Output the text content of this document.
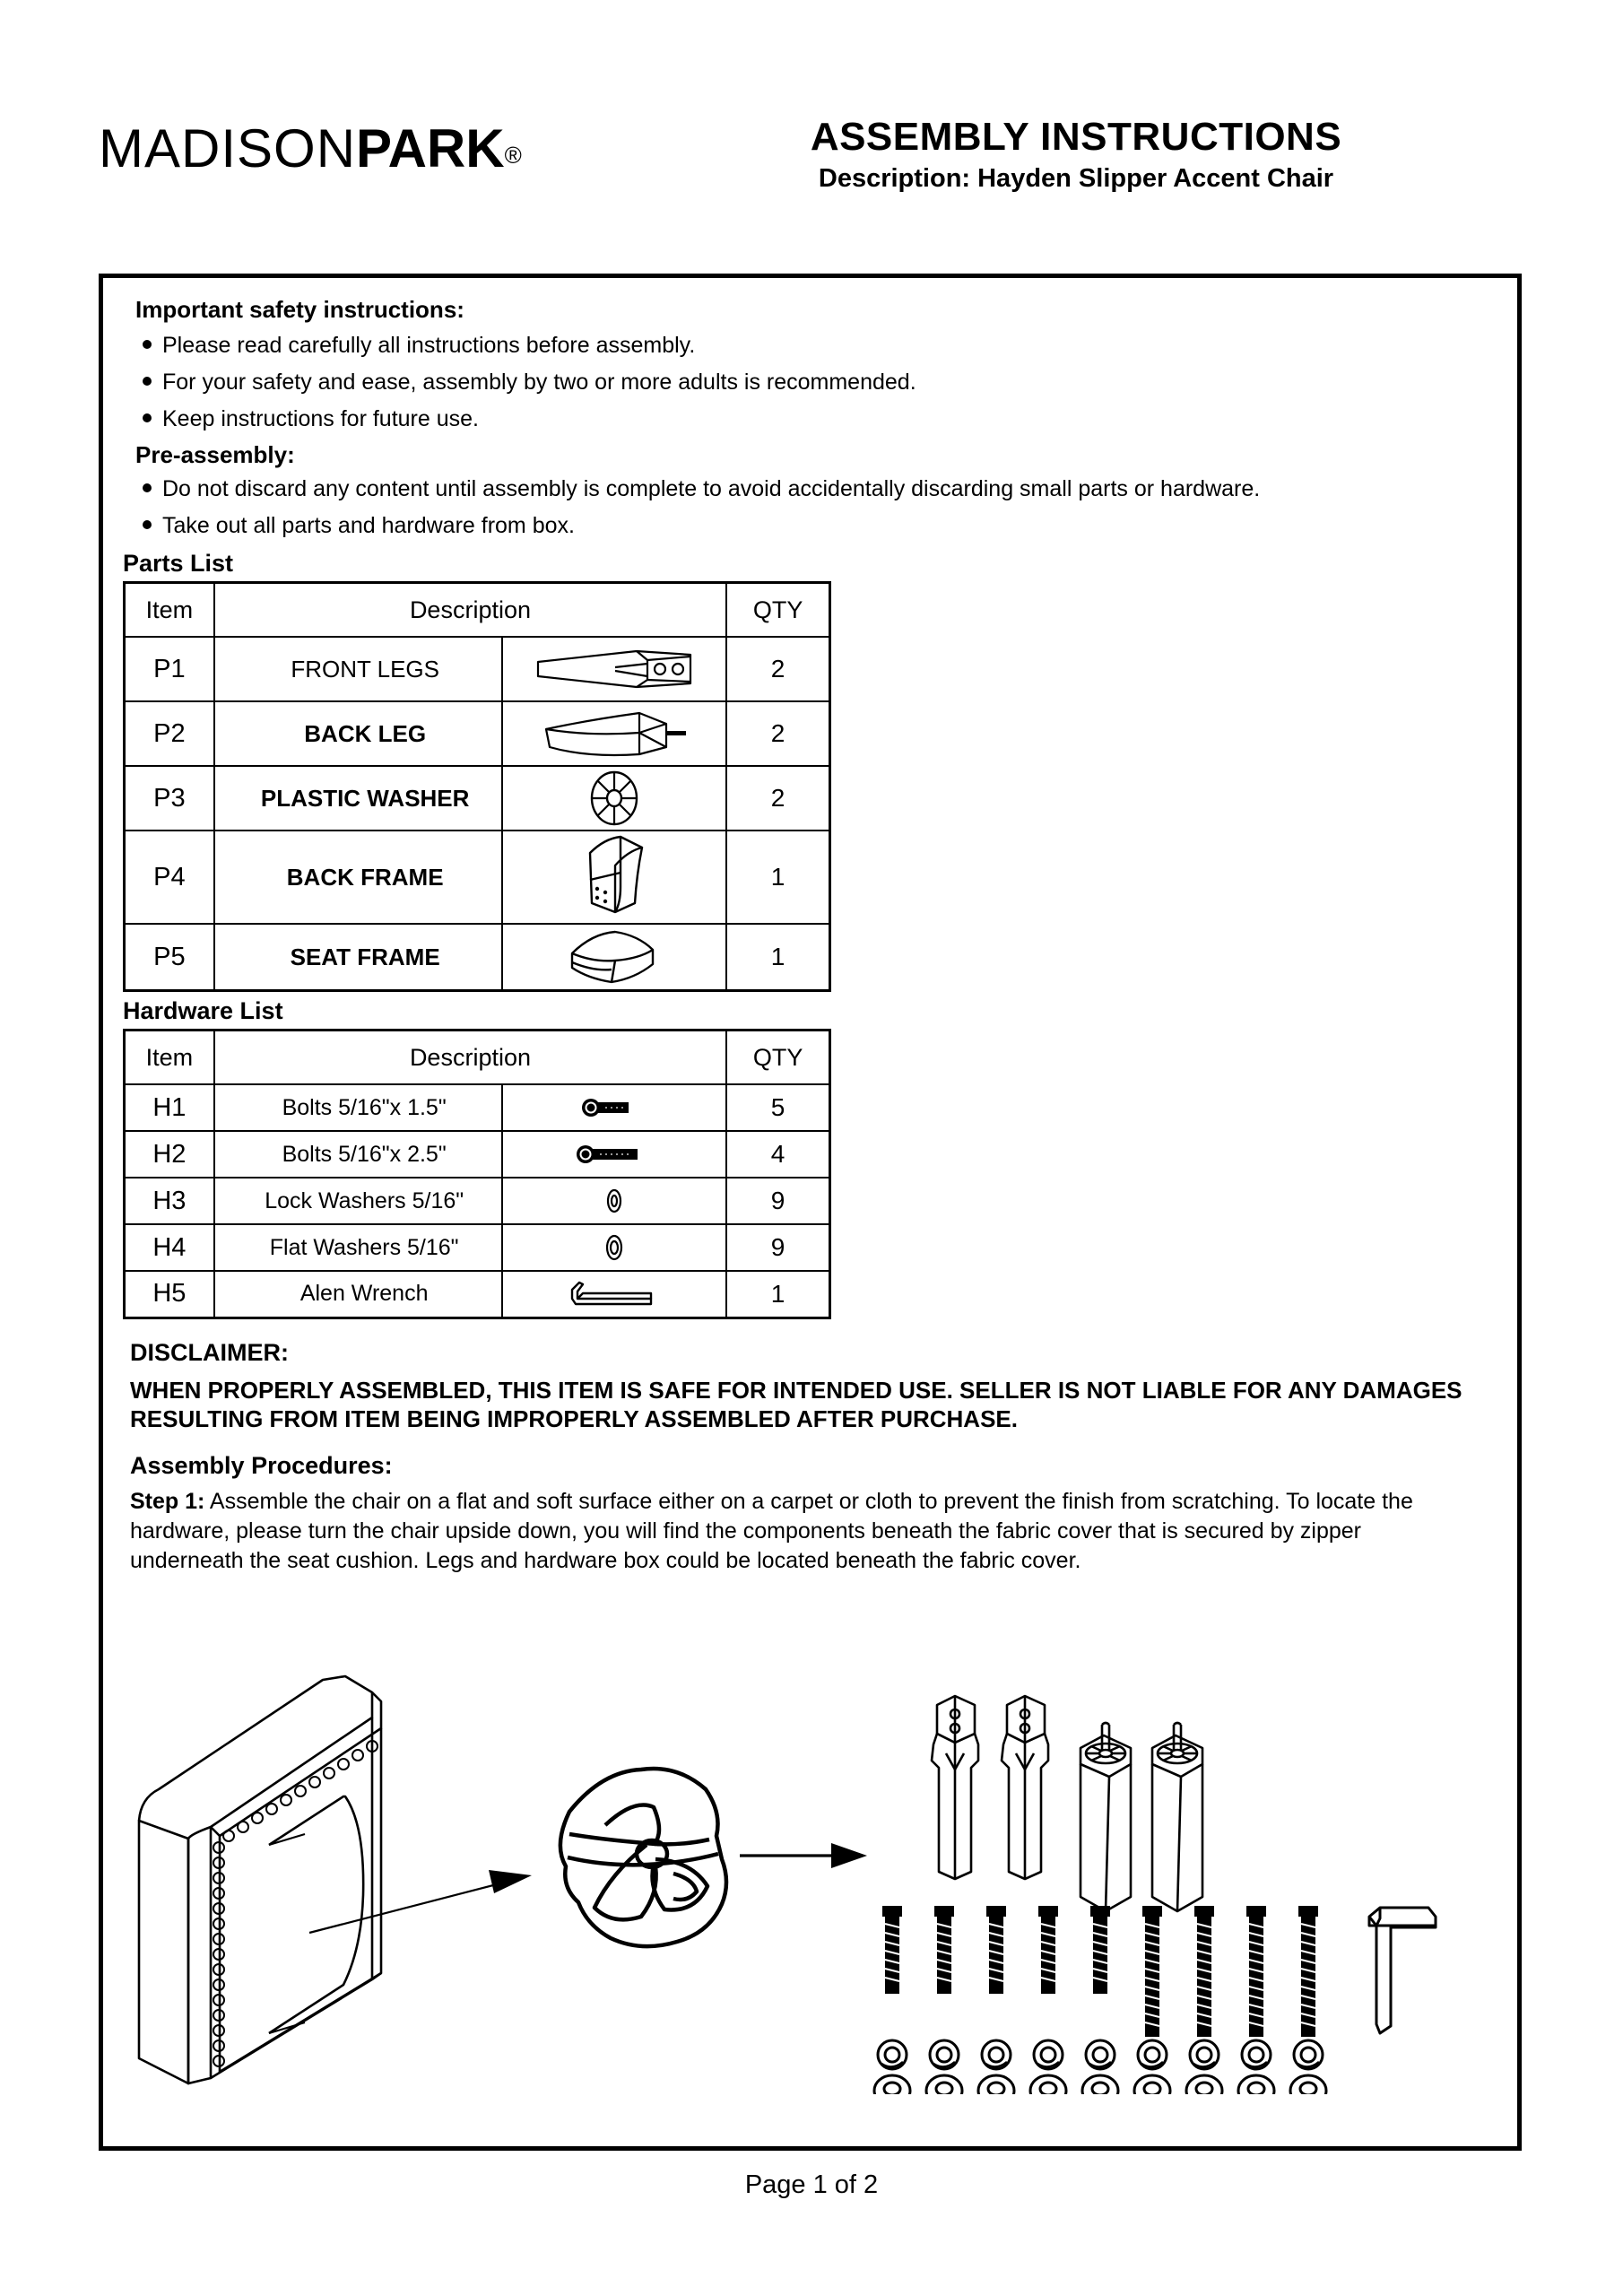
MADISONPARK®	ASSEMBLY INSTRUCTIONS
Description: Hayden Slipper Accent Chair
Important safety instructions:
Please read carefully all instructions before assembly.
For your safety and ease, assembly by two or more adults is recommended.
Keep instructions for future use.
Pre-assembly:
Do not discard any content until assembly is complete to avoid accidentally discarding small parts or hardware.
Take out all parts and hardware from box.
Parts List
Item	Description		QTY
P1	FRONT LEGS		2
P2	BACK LEG		2
P3	PLASTIC WASHER		2
P4	BACK FRAME		1
P5	SEAT FRAME		1
Hardware List
Item	Description		QTY
H1	Bolts 5/16"x 1.5"		5
H2	Bolts 5/16"x 2.5"		4
H3	Lock Washers 5/16"		9
H4	Flat Washers 5/16"		9
H5	Alen Wrench		1
DISCLAIMER:
WHEN PROPERLY ASSEMBLED, THIS ITEM IS SAFE FOR INTENDED USE. SELLER IS NOT LIABLE FOR ANY DAMAGES RESULTING FROM ITEM BEING IMPROPERLY ASSEMBLED AFTER PURCHASE.
Assembly Procedures:
Step 1: Assemble the chair on a flat and soft surface either on a carpet or cloth to prevent the finish from scratching. To locate the hardware, please turn the chair upside down, you will find the components beneath the fabric cover that is secured by zipper underneath the seat cushion. Legs and hardware box could be located beneath the fabric cover.
Page 1 of 2
